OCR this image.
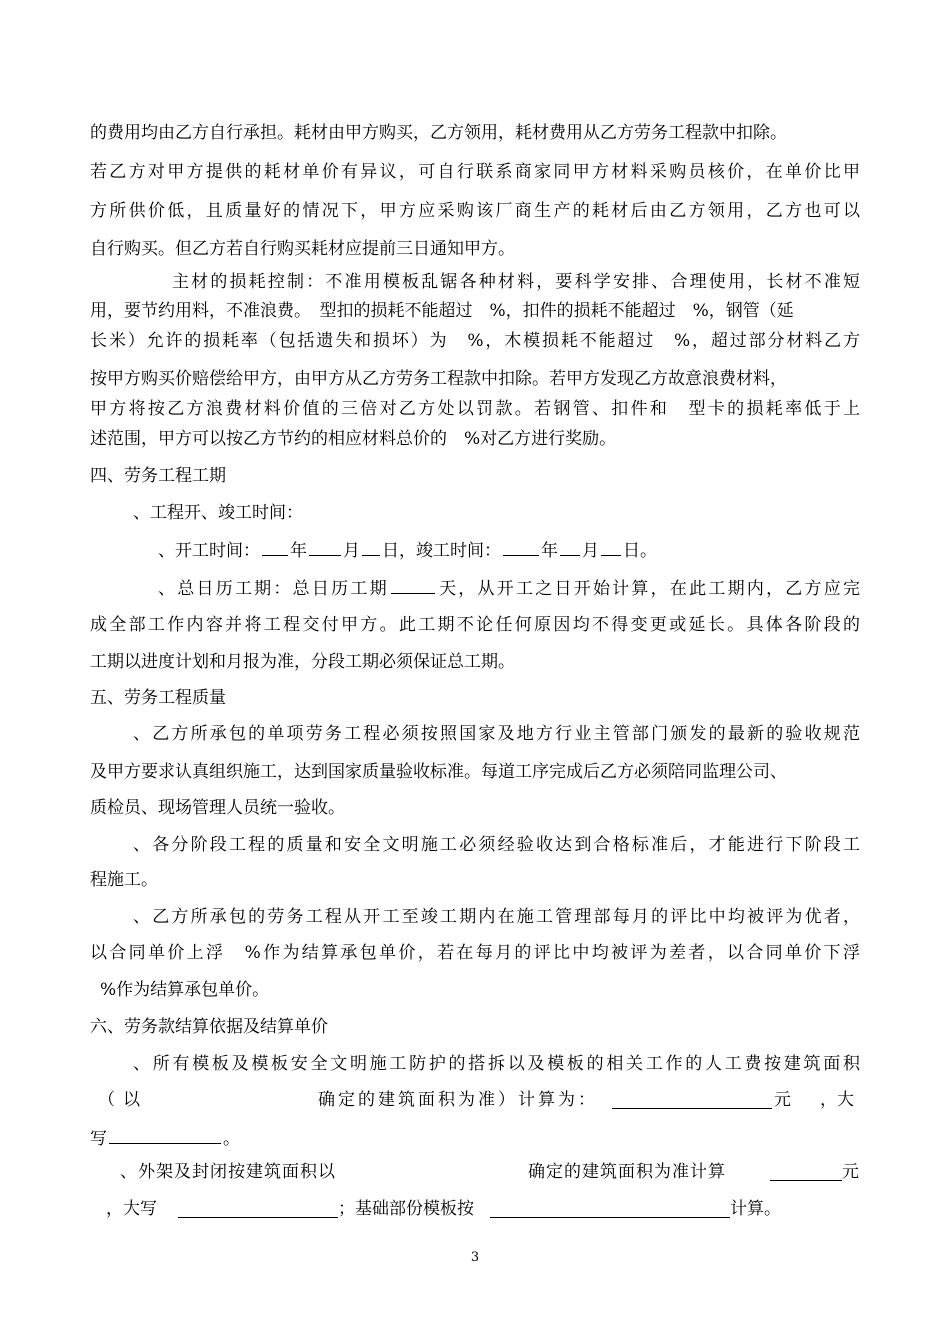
的费用均由乙方自行承担。耗材由甲方购买，乙方领用，耗材费用从乙方劳务工程款中扣除。
若乙方对甲方提供的耗材单价有异议，可自行联系商家同甲方材料采购员核价，在单价比甲
方所供价低，且质量好的情况下，甲方应采购该厂商生产的耗材后由乙方领用，乙方也可以
自行购买。但乙方若自行购买耗材应提前三日通知甲方。
主材的损耗控制：不准用模板乱锯各种材料，要科学安排、合理使用，长材不准短
用，要节约用料，不准浪费。　型扣的损耗不能超过　%，扣件的损耗不能超过　%，钢管（延
长米）允许的损耗率（包括遗失和损坏）为　%，木模损耗不能超过　%，超过部分材料乙方
按甲方购买价赔偿给甲方，由甲方从乙方劳务工程款中扣除。若甲方发现乙方故意浪费材料，
甲方将按乙方浪费材料价值的三倍对乙方处以罚款。若钢管、扣件和　型卡的损耗率低于上
述范围，甲方可以按乙方节约的相应材料总价的　%对乙方进行奖励。
四、劳务工程工期
、工程开、竣工时间：
、开工时间： 年 月 日，竣工时间： 年 月 日。
、总日历工期：总日历工期	天，从开工之日开始计算，在此工期内，乙方应完
成全部工作内容并将工程交付甲方。此工期不论任何原因均不得变更或延长。具体各阶段的
工期以进度计划和月报为准，分段工期必须保证总工期。
五、劳务工程质量
、乙方所承包的单项劳务工程必须按照国家及地方行业主管部门颁发的最新的验收规范
及甲方要求认真组织施工，达到国家质量验收标准。每道工序完成后乙方必须陪同监理公司、
质检员、现场管理人员统一验收。
、各分阶段工程的质量和安全文明施工必须经验收达到合格标准后，才能进行下阶段工
程施工。
、乙方所承包的劳务工程从开工至竣工期内在施工管理部每月的评比中均被评为优者，
以合同单价上浮　%作为结算承包单价，若在每月的评比中均被评为差者，以合同单价下浮
%作为结算承包单价。
六、劳务款结算依据及结算单价
、所有模板及模板安全文明施工防护的搭拆以及模板的相关工作的人工费按建筑面积
（以	确定的建筑面积为准）计算为：	元 ，大
写	。
、外架及封闭按建筑面积以	确定的建筑面积为准计算	元
，大写	；基础部份模板按	计算。
3
